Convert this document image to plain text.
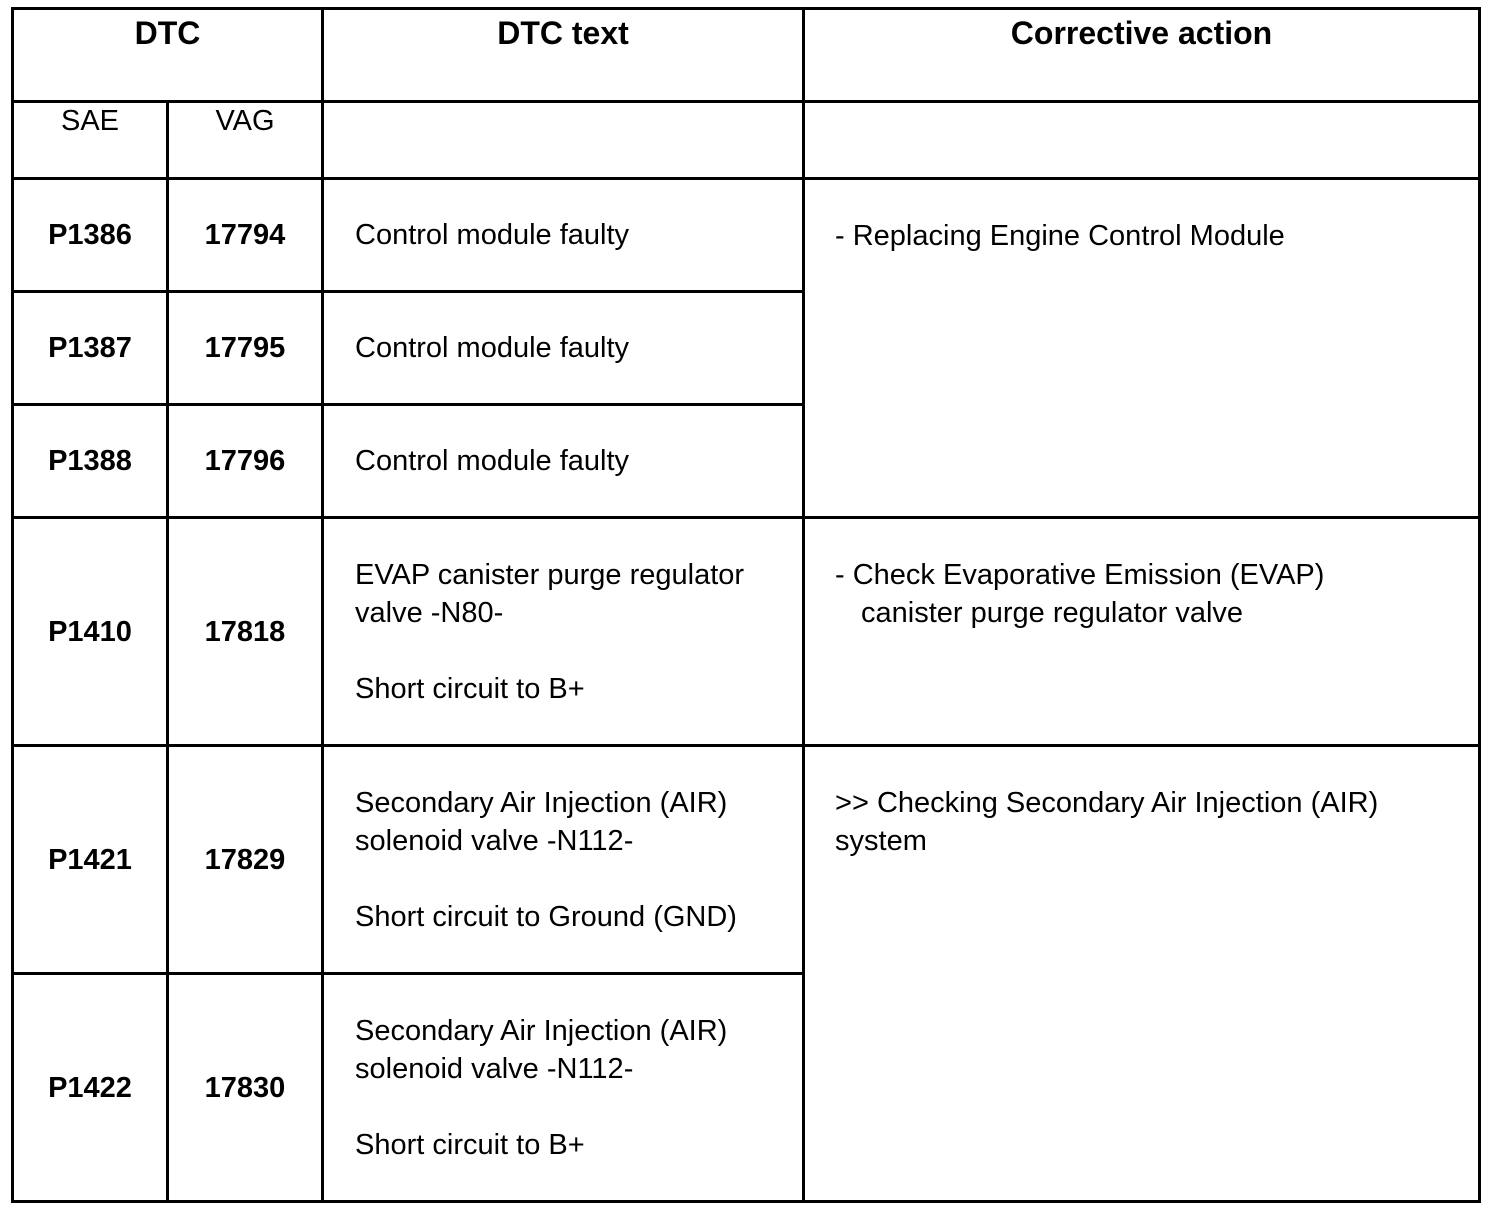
DTC		DTC text	Corrective action
SAE	VAG		
P1386	17794	Control module faulty	- Replacing Engine Control Module

P1387	17795	Control module faulty	

P1388	17796	Control module faulty	

P1410	17818	EVAP canister purge regulator
valve -N80-
Short circuit to B+	- Check Evaporative Emission (EVAP)
canister purge regulator valve

P1421	17829	Secondary Air Injection (AIR)
solenoid valve -N112-
Short circuit to Ground (GND)	>> Checking Secondary Air Injection (AIR)
system

P1422	17830	Secondary Air Injection (AIR)
solenoid valve -N112-
Short circuit to B+	
